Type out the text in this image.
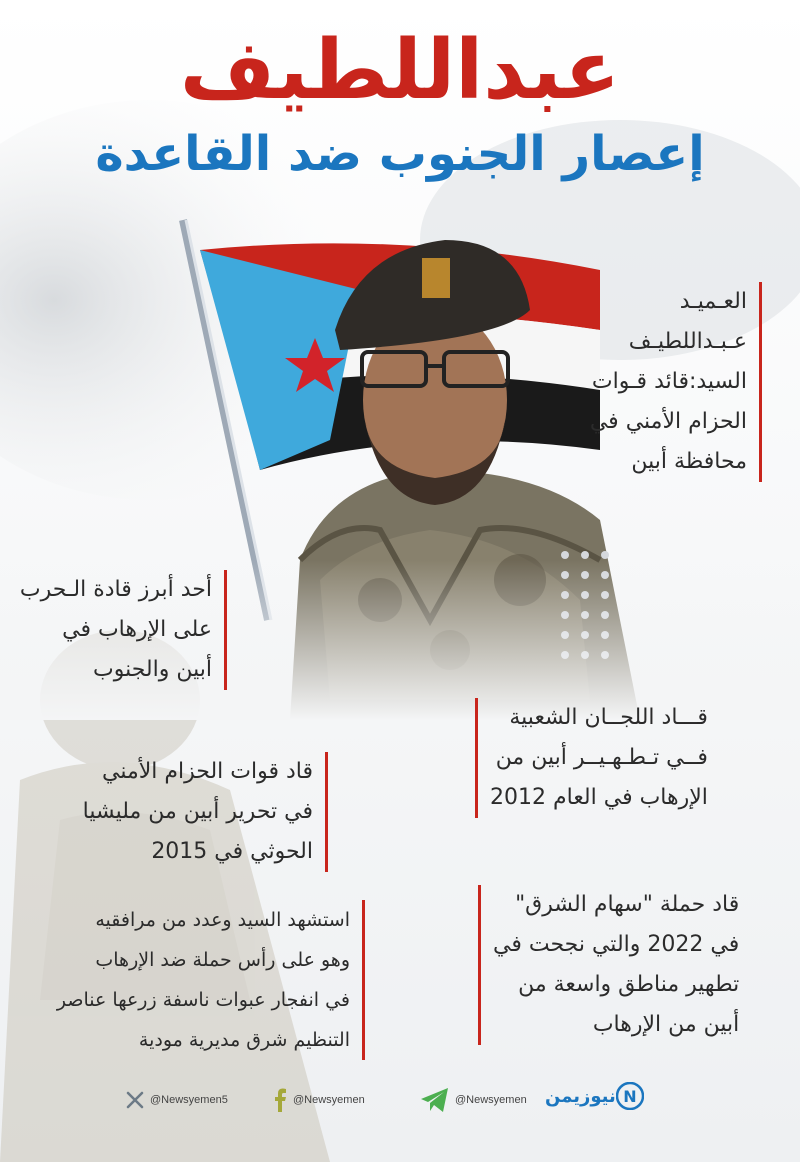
عبداللطيف
إعصار الجنوب ضد القاعدة
العـميـد
عـبـداللطيـف
السيد:قائد قـوات
الحزام الأمني في
محافظة أبين
أحد أبرز قادة الـحرب
على الإرهاب في
أبين والجنوب
قـــاد اللجــان الشعبية
فــي تـطـهـيــر أبين من
الإرهاب في العام 2012
قاد قوات الحزام الأمني
في تحرير أبين من مليشيا
الحوثي في 2015
قاد حملة "سهام الشرق"
في 2022 والتي نجحت في
تطهير مناطق واسعة من
أبين من الإرهاب
استشهد السيد وعدد من مرافقيه
وهو على رأس حملة ضد الإرهاب
في انفجار عبوات ناسفة زرعها عناصر
التنظيم شرق مديرية مودية
@Newsyemen5	@Newsyemen	@Newsyemen	N
نيوزيمن
